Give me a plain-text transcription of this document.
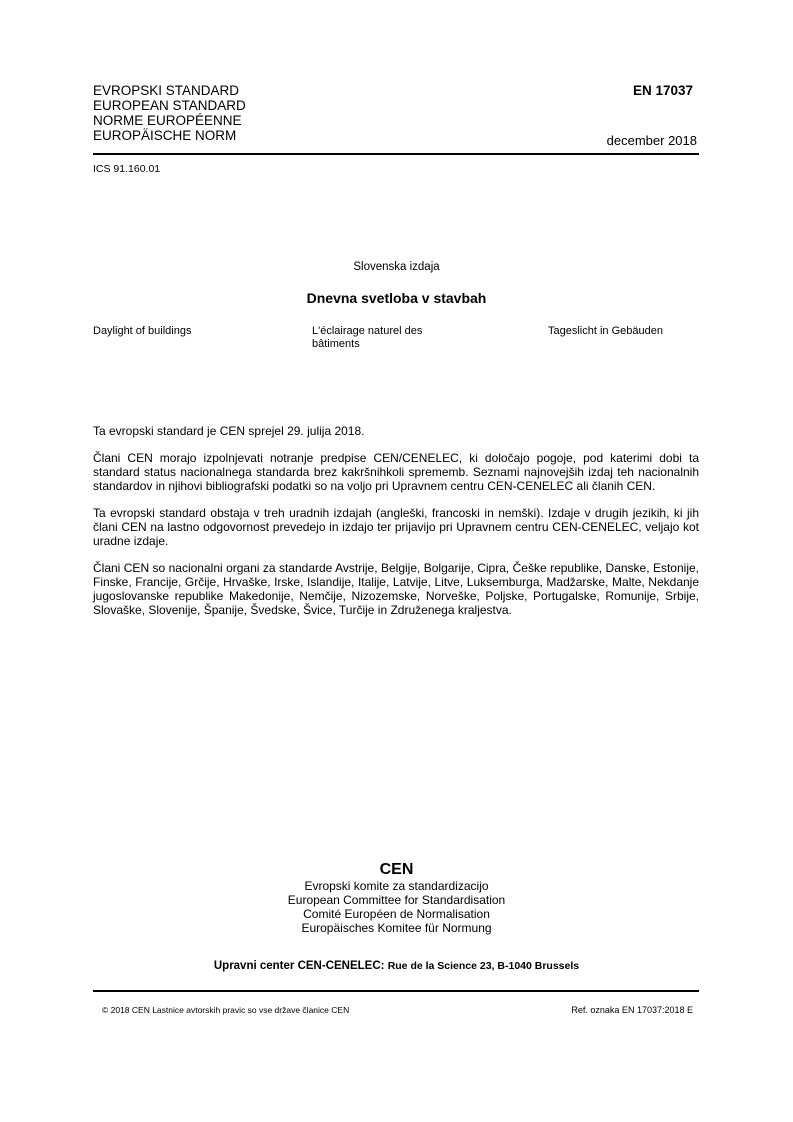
EVROPSKI STANDARD
EUROPEAN STANDARD
NORME EUROPÉENNE
EUROPÄISCHE NORM
EN 17037
december 2018
ICS 91.160.01
Slovenska izdaja
Dnevna svetloba v stavbah
Daylight of buildings	L'éclairage naturel des
bâtiments
Tageslicht in Gebäuden

Ta evropski standard je CEN sprejel 29. julija 2018.

Člani CEN morajo izpolnjevati notranje predpise CEN/CENELEC, ki določajo pogoje, pod katerimi dobi ta standard status nacionalnega standarda brez kakršnihkoli sprememb. Seznami najnovejših izdaj teh nacionalnih standardov in njihovi bibliografski podatki so na voljo pri Upravnem centru CEN-CENELEC ali članih CEN.

Ta evropski standard obstaja v treh uradnih izdajah (angleški, francoski in nemški). Izdaje v drugih jezikih, ki jih člani CEN na lastno odgovornost prevedejo in izdajo ter prijavijo pri Upravnem centru CEN-CENELEC, veljajo kot uradne izdaje.

Člani CEN so nacionalni organi za standarde Avstrije, Belgije, Bolgarije, Cipra, Češke republike, Danske, Estonije, Finske, Francije, Grčije, Hrvaške, Irske, Islandije, Italije, Latvije, Litve, Luksemburga, Madžarske, Malte, Nekdanje jugoslovanske republike Makedonije, Nemčije, Nizozemske, Norveške, Poljske, Portugalske, Romunije, Srbije, Slovaške, Slovenije, Španije, Švedske, Švice, Turčije in Združenega kraljestva.

CEN
Evropski komite za standardizacijo
European Committee for Standardisation
Comité Européen de Normalisation
Europäisches Komitee für Normung
Upravni center CEN-CENELEC: Rue de la Science 23, B-1040 Brussels
© 2018 CEN Lastnice avtorskih pravic so vse države članice CEN	Ref. oznaka EN 17037:2018 E
